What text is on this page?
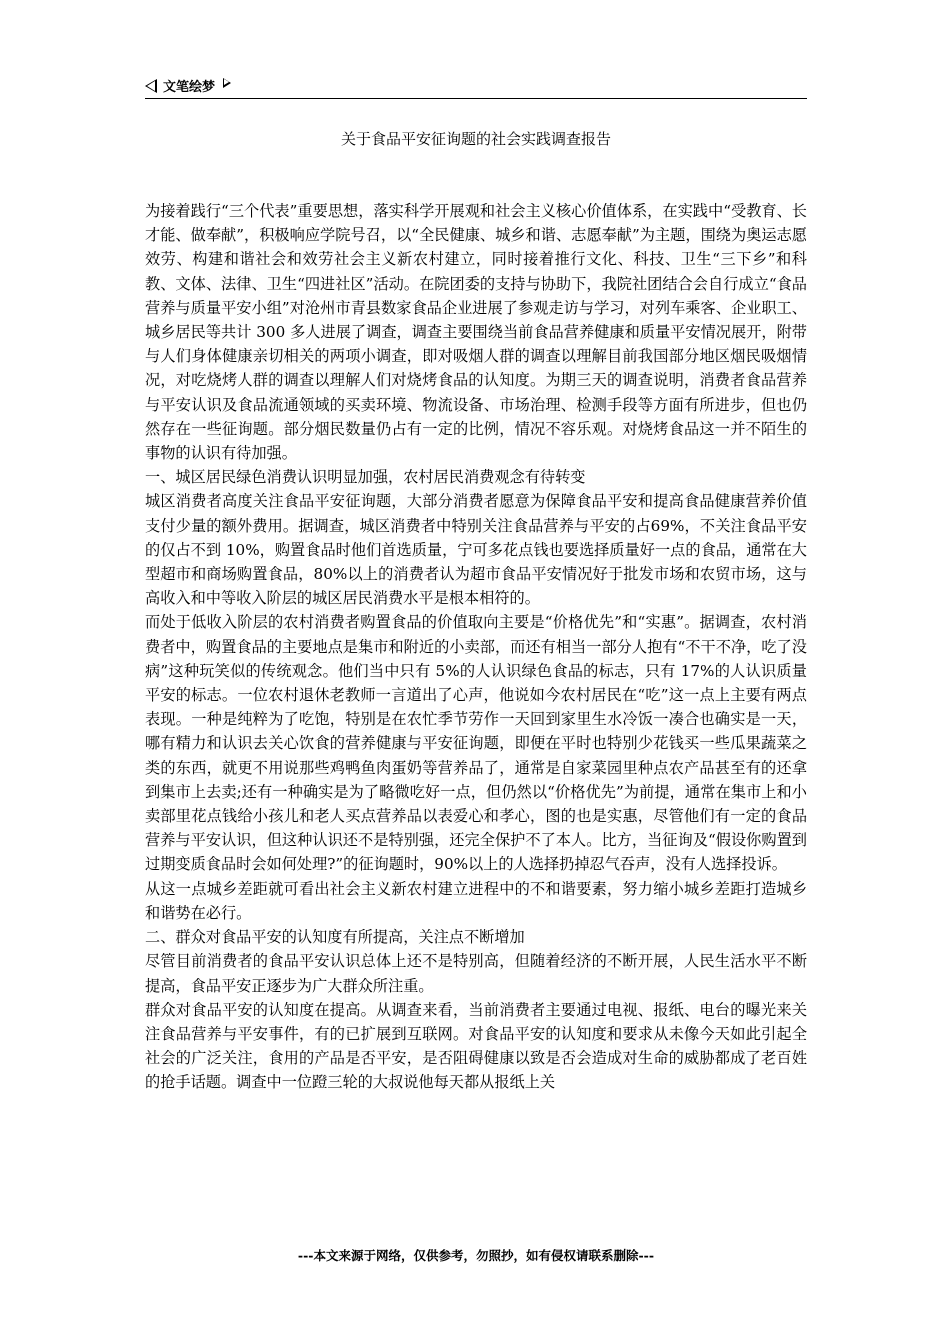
文笔绘梦
关于食品平安征询题的社会实践调查报告

为接着践行“三个代表”重要思想，落实科学开展观和社会主义核心价值体系，在实践中“受教育、长才能、做奉献”，积极响应学院号召，以“全民健康、城乡和谐、志愿奉献”为主题，围绕为奥运志愿效劳、构建和谐社会和效劳社会主义新农村建立，同时接着推行文化、科技、卫生“三下乡”和科教、文体、法律、卫生“四进社区”活动。在院团委的支持与协助下，我院社团结合会自行成立“食品营养与质量平安小组”对沧州市青县数家食品企业进展了参观走访与学习，对列车乘客、企业职工、城乡居民等共计 300 多人进展了调查，调查主要围绕当前食品营养健康和质量平安情况展开，附带与人们身体健康亲切相关的两项小调查，即对吸烟人群的调查以理解目前我国部分地区烟民吸烟情况，对吃烧烤人群的调查以理解人们对烧烤食品的认知度。为期三天的调查说明，消费者食品营养与平安认识及食品流通领域的买卖环境、物流设备、市场治理、检测手段等方面有所进步，但也仍然存在一些征询题。部分烟民数量仍占有一定的比例，情况不容乐观。对烧烤食品这一并不陌生的事物的认识有待加强。

一、城区居民绿色消费认识明显加强，农村居民消费观念有待转变

城区消费者高度关注食品平安征询题，大部分消费者愿意为保障食品平安和提高食品健康营养价值支付少量的额外费用。据调查，城区消费者中特别关注食品营养与平安的占69%，不关注食品平安的仅占不到 10%，购置食品时他们首选质量，宁可多花点钱也要选择质量好一点的食品，通常在大型超市和商场购置食品，80%以上的消费者认为超市食品平安情况好于批发市场和农贸市场，这与高收入和中等收入阶层的城区居民消费水平是根本相符的。

而处于低收入阶层的农村消费者购置食品的价值取向主要是“价格优先”和“实惠”。据调查，农村消费者中，购置食品的主要地点是集市和附近的小卖部，而还有相当一部分人抱有“不干不净，吃了没病”这种玩笑似的传统观念。他们当中只有 5%的人认识绿色食品的标志，只有 17%的人认识质量平安的标志。一位农村退休老教师一言道出了心声，他说如今农村居民在“吃”这一点上主要有两点表现。一种是纯粹为了吃饱，特别是在农忙季节劳作一天回到家里生水冷饭一凑合也确实是一天，哪有精力和认识去关心饮食的营养健康与平安征询题，即便在平时也特别少花钱买一些瓜果蔬菜之类的东西，就更不用说那些鸡鸭鱼肉蛋奶等营养品了，通常是自家菜园里种点农产品甚至有的还拿到集市上去卖;还有一种确实是为了略微吃好一点，但仍然以“价格优先”为前提，通常在集市上和小卖部里花点钱给小孩儿和老人买点营养品以表爱心和孝心，图的也是实惠，尽管他们有一定的食品营养与平安认识，但这种认识还不是特别强，还完全保护不了本人。比方，当征询及“假设你购置到过期变质食品时会如何处理?”的征询题时，90%以上的人选择扔掉忍气吞声，没有人选择投诉。

从这一点城乡差距就可看出社会主义新农村建立进程中的不和谐要素，努力缩小城乡差距打造城乡和谐势在必行。

二、群众对食品平安的认知度有所提高，关注点不断增加

尽管目前消费者的食品平安认识总体上还不是特别高，但随着经济的不断开展，人民生活水平不断提高，食品平安正逐步为广大群众所注重。

群众对食品平安的认知度在提高。从调查来看，当前消费者主要通过电视、报纸、电台的曝光来关注食品营养与平安事件，有的已扩展到互联网。对食品平安的认知度和要求从未像今天如此引起全社会的广泛关注，食用的产品是否平安，是否阻碍健康以致是否会造成对生命的威胁都成了老百姓的抢手话题。调查中一位蹬三轮的大叔说他每天都从报纸上关

---本文来源于网络，仅供参考，勿照抄，如有侵权请联系删除---
